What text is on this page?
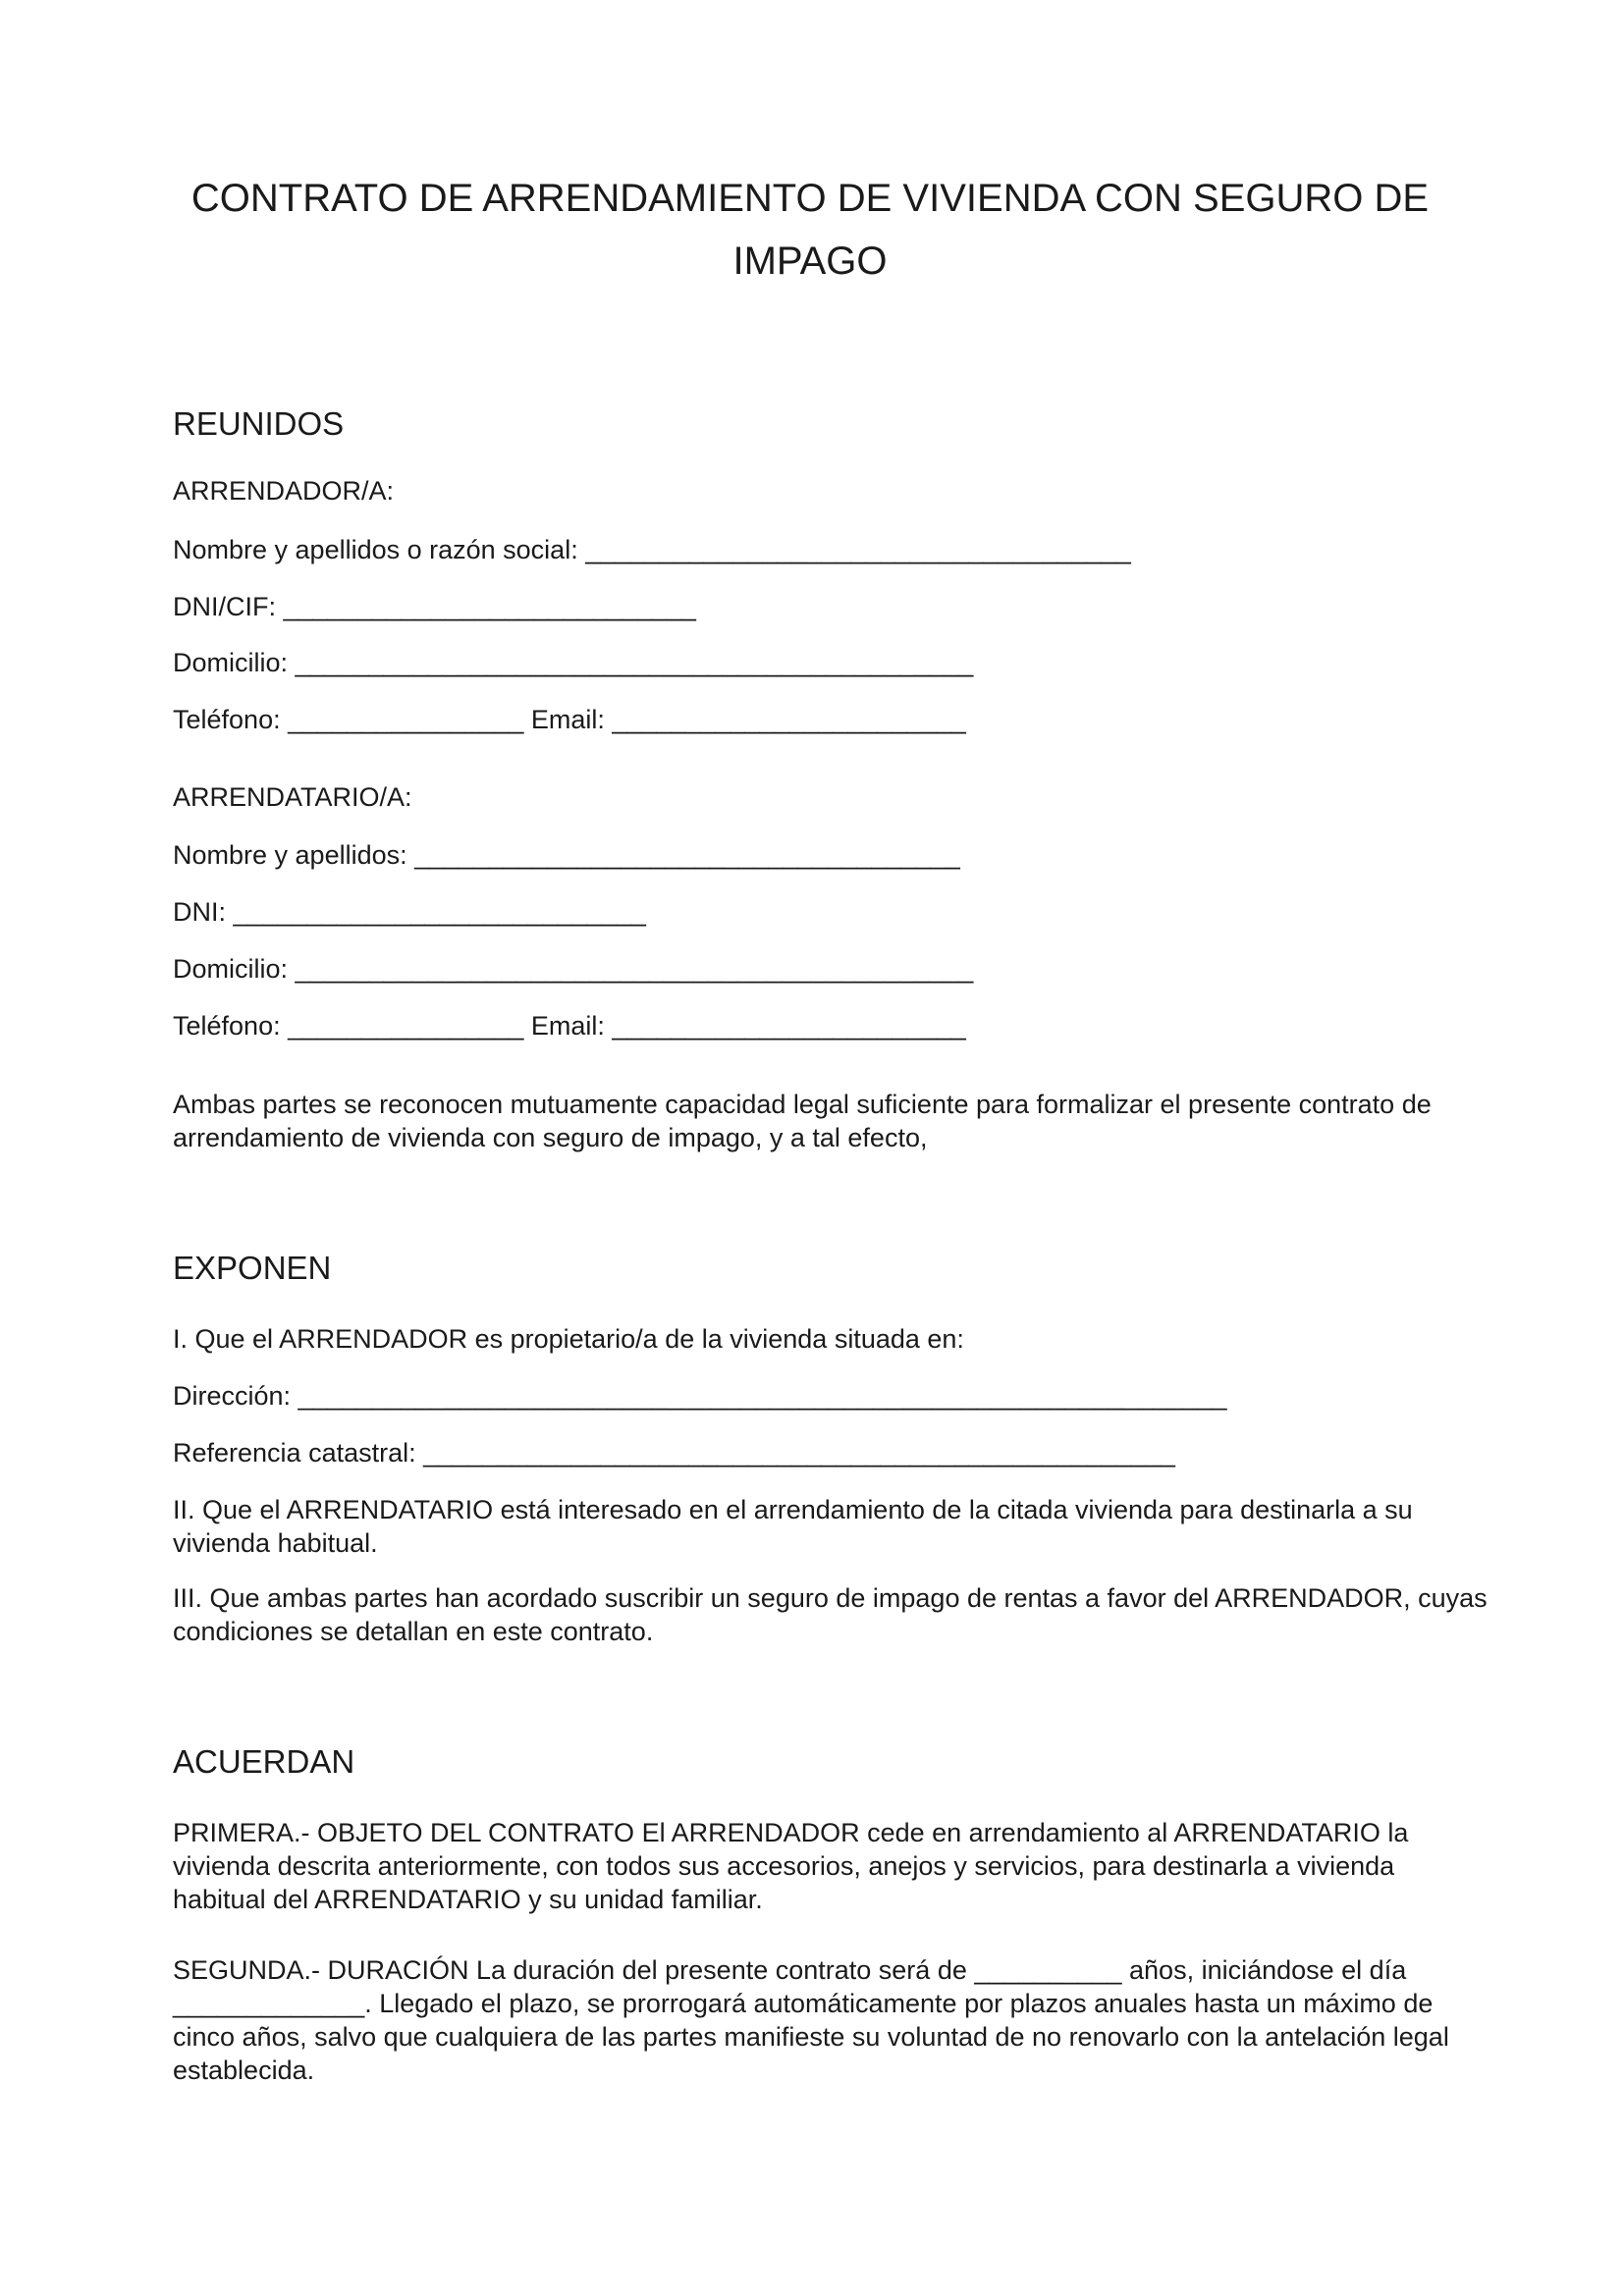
CONTRATO DE ARRENDAMIENTO DE VIVIENDA CON SEGURO DE IMPAGO
REUNIDOS
ARRENDADOR/A:
Nombre y apellidos o razón social: _____________________________________
DNI/CIF: ____________________________
Domicilio: ______________________________________________
Teléfono: ________________ Email: ________________________
ARRENDATARIO/A:
Nombre y apellidos: _____________________________________
DNI: ____________________________
Domicilio: ______________________________________________
Teléfono: ________________ Email: ________________________

Ambas partes se reconocen mutuamente capacidad legal suficiente para formalizar el presente contrato de arrendamiento de vivienda con seguro de impago, y a tal efecto,

EXPONEN
I. Que el ARRENDADOR es propietario/a de la vivienda situada en:
Dirección: _______________________________________________________________
Referencia catastral: ___________________________________________________

II. Que el ARRENDATARIO está interesado en el arrendamiento de la citada vivienda para destinarla a su vivienda habitual.

III. Que ambas partes han acordado suscribir un seguro de impago de rentas a favor del ARRENDADOR, cuyas condiciones se detallan en este contrato.

ACUERDAN

PRIMERA.- OBJETO DEL CONTRATO El ARRENDADOR cede en arrendamiento al ARRENDATARIO la vivienda descrita anteriormente, con todos sus accesorios, anejos y servicios, para destinarla a vivienda habitual del ARRENDATARIO y su unidad familiar.

SEGUNDA.- DURACIÓN La duración del presente contrato será de __________ años, iniciándose el día _____________. Llegado el plazo, se prorrogará automáticamente por plazos anuales hasta un máximo de cinco años, salvo que cualquiera de las partes manifieste su voluntad de no renovarlo con la antelación legal establecida.
